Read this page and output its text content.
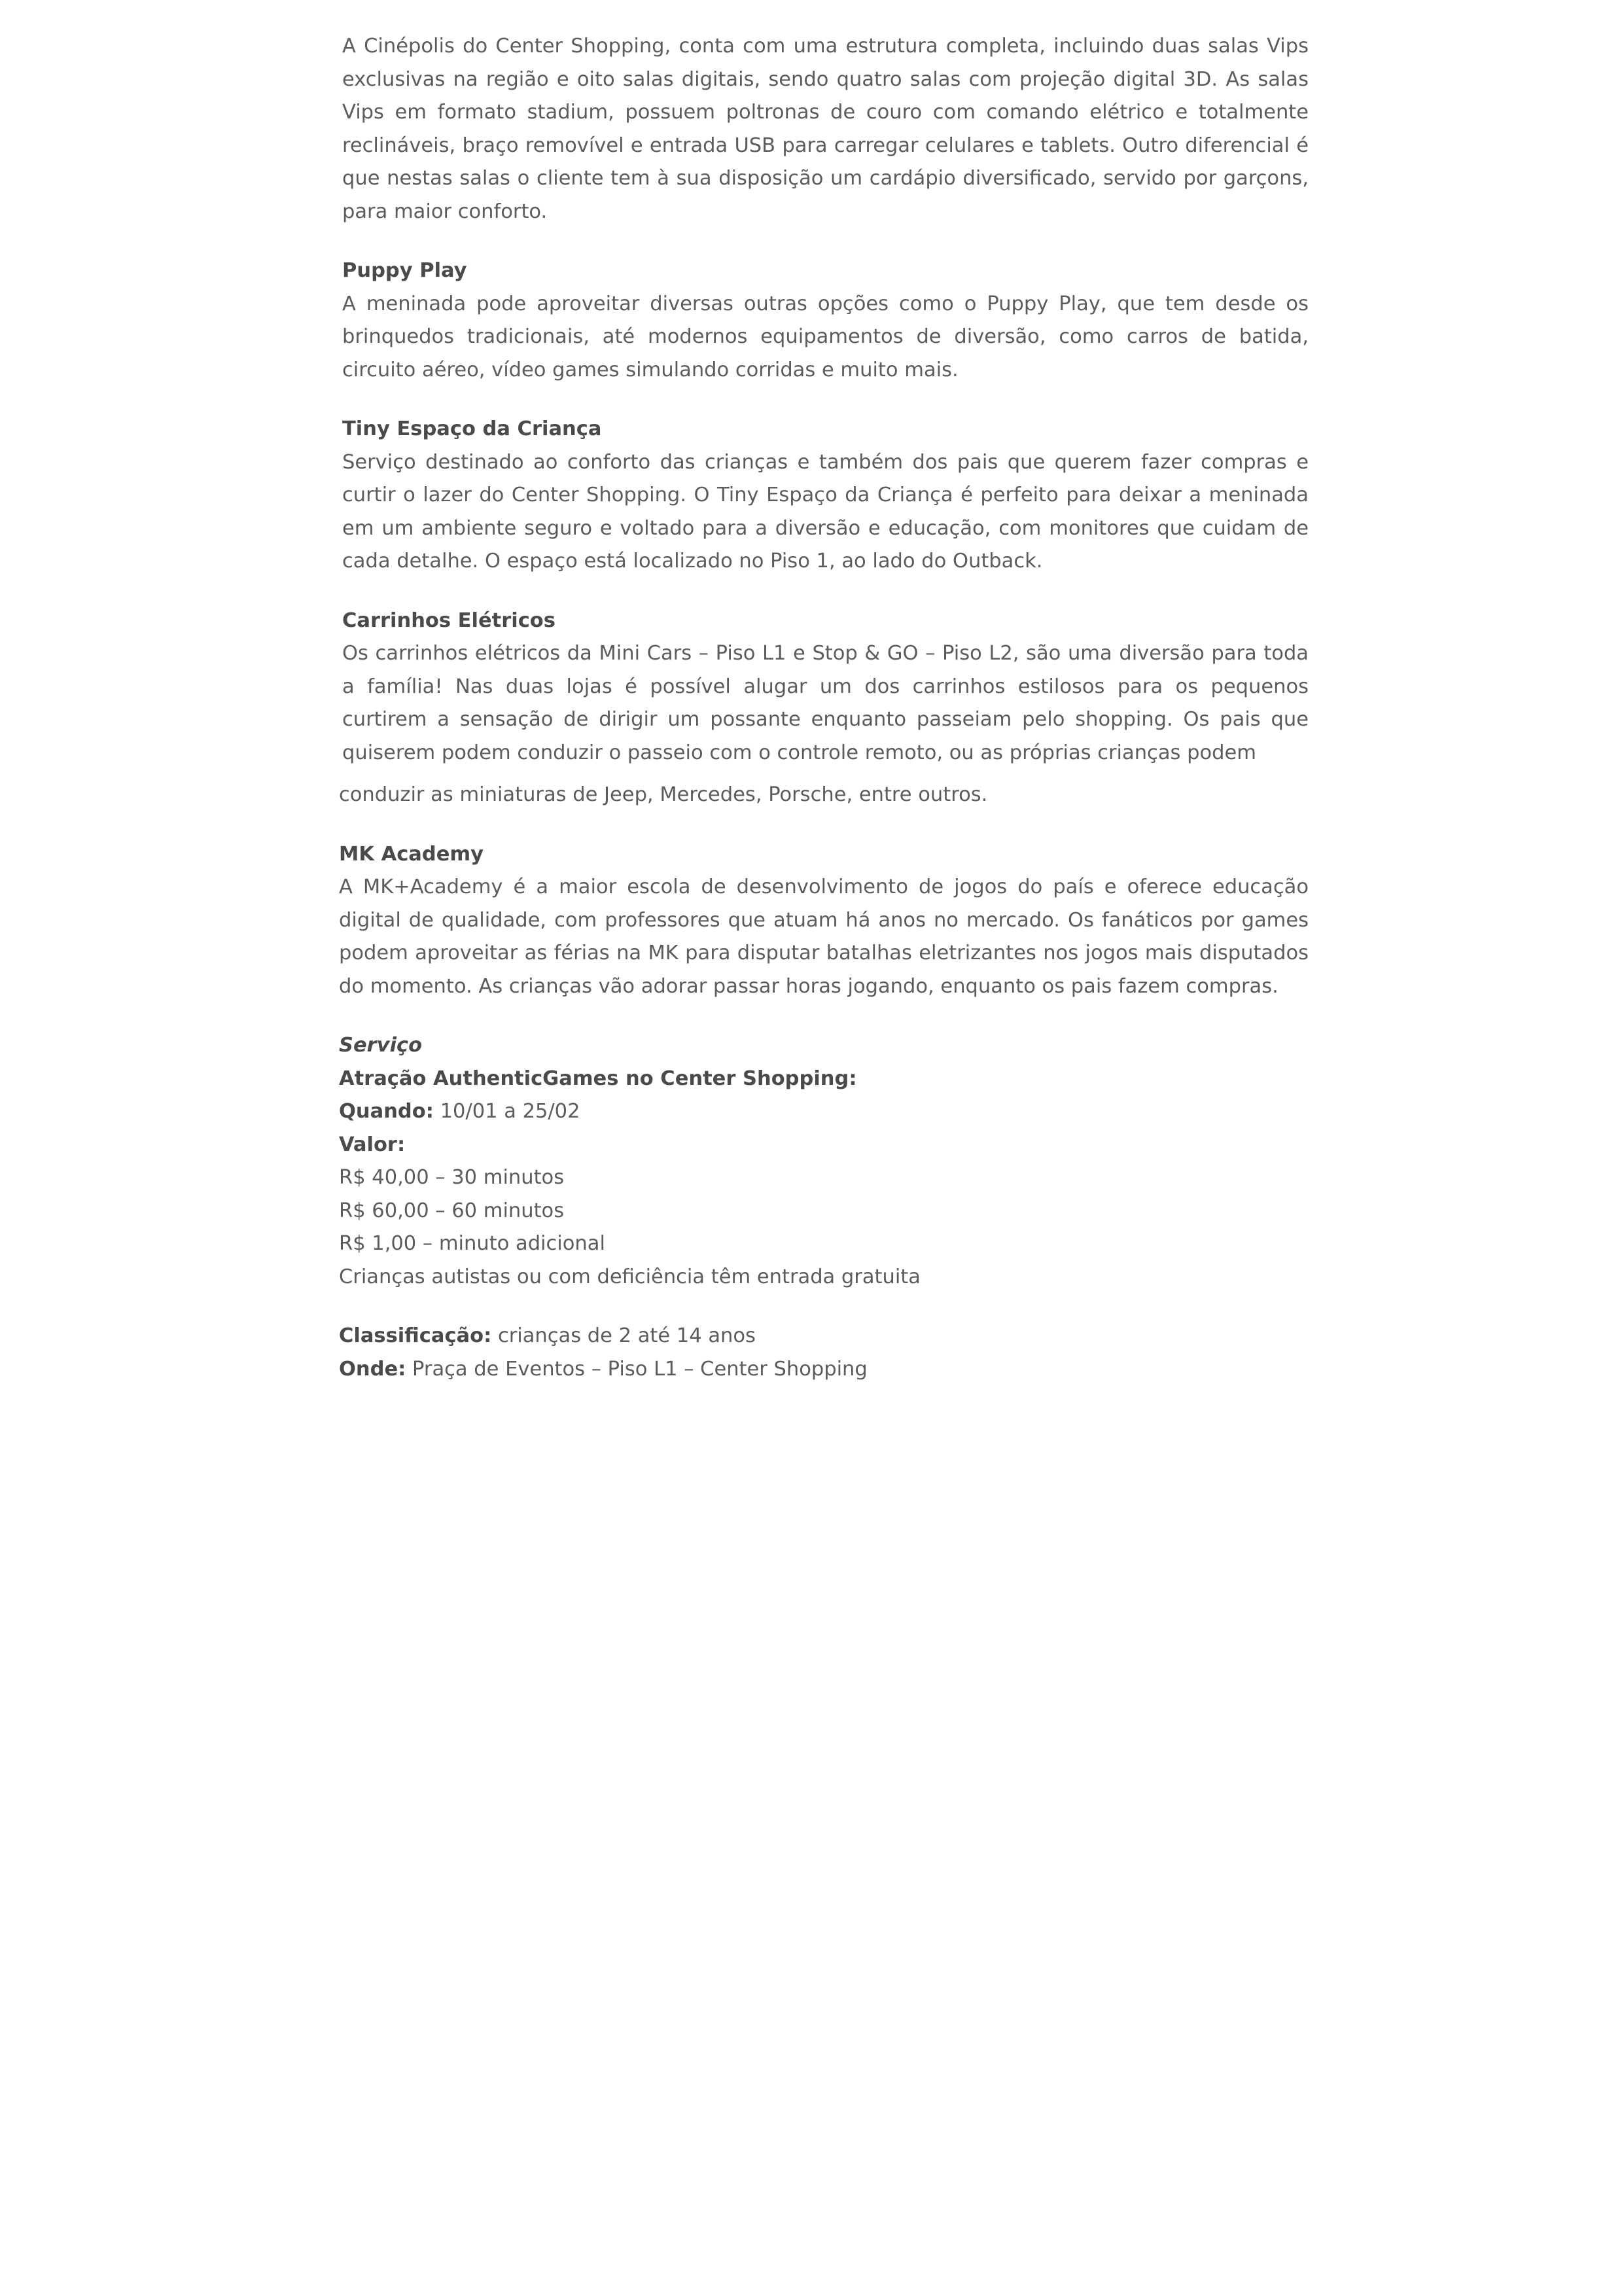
A Cinépolis do Center Shopping, conta com uma estrutura completa, incluindo duas salas Vips exclusivas na região e oito salas digitais, sendo quatro salas com projeção digital 3D. As salas Vips em formato stadium, possuem poltronas de couro com comando elétrico e totalmente reclináveis, braço removível e entrada USB para carregar celulares e tablets. Outro diferencial é que nestas salas o cliente tem à sua disposição um cardápio diversificado, servido por garçons, para maior conforto.

Puppy Play

A meninada pode aproveitar diversas outras opções como o Puppy Play, que tem desde os brinquedos tradicionais, até modernos equipamentos de diversão, como carros de batida, circuito aéreo, vídeo games simulando corridas e muito mais.

Tiny Espaço da Criança

Serviço destinado ao conforto das crianças e também dos pais que querem fazer compras e curtir o lazer do Center Shopping. O Tiny Espaço da Criança é perfeito para deixar a meninada em um ambiente seguro e voltado para a diversão e educação, com monitores que cuidam de cada detalhe. O espaço está localizado no Piso 1, ao lado do Outback.

Carrinhos Elétricos

Os carrinhos elétricos da Mini Cars – Piso L1 e Stop & GO – Piso L2, são uma diversão para toda a família! Nas duas lojas é possível alugar um dos carrinhos estilosos para os pequenos curtirem a sensação de dirigir um possante enquanto passeiam pelo shopping. Os pais que quiserem podem conduzir o passeio com o controle remoto, ou as próprias crianças podem

conduzir as miniaturas de Jeep, Mercedes, Porsche, entre outros.

MK Academy

A MK+Academy é a maior escola de desenvolvimento de jogos do país e oferece educação digital de qualidade, com professores que atuam há anos no mercado. Os fanáticos por games podem aproveitar as férias na MK para disputar batalhas eletrizantes nos jogos mais disputados do momento. As crianças vão adorar passar horas jogando, enquanto os pais fazem compras.

Serviço

Atração AuthenticGames no Center Shopping:

Quando: 10/01 a 25/02

Valor:

R$ 40,00 – 30 minutos

R$ 60,00 – 60 minutos

R$ 1,00 – minuto adicional

Crianças autistas ou com deficiência têm entrada gratuita

Classificação: crianças de 2 até 14 anos

Onde: Praça de Eventos – Piso L1 – Center Shopping
